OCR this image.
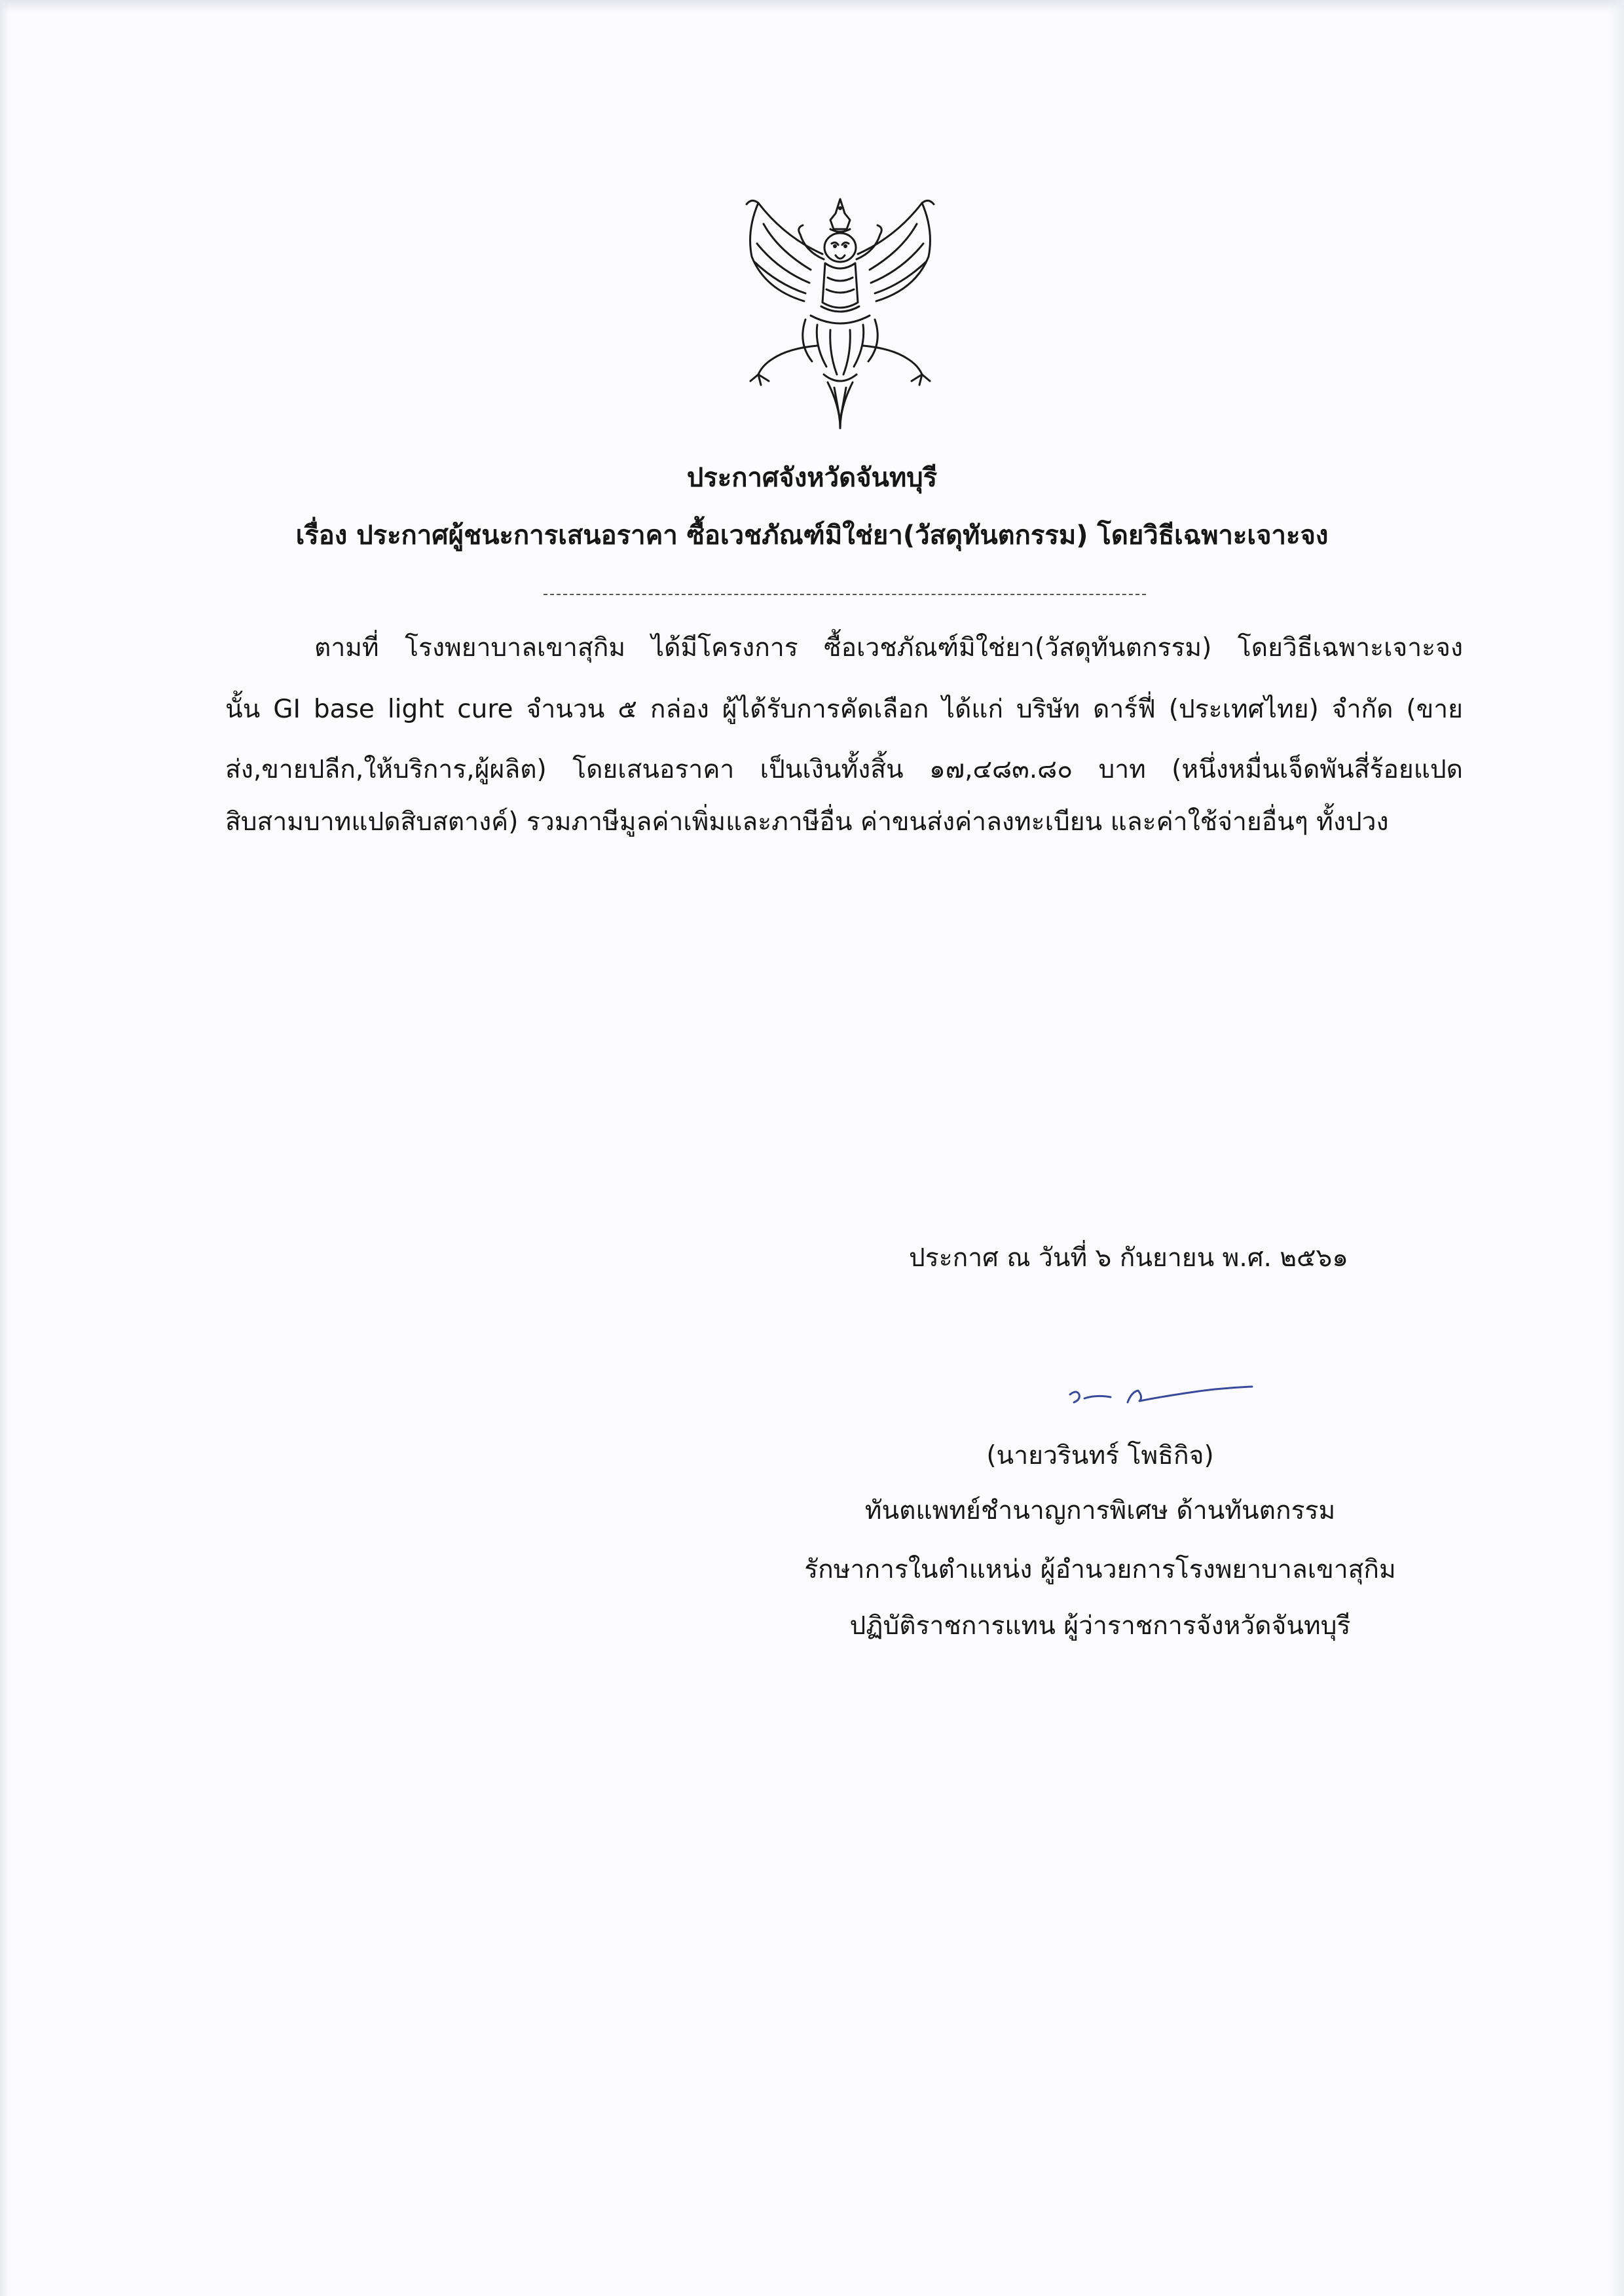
ประกาศจังหวัดจันทบุรี
เรื่อง ประกาศผู้ชนะการเสนอราคา ซื้อเวชภัณฑ์มิใช่ยา(วัสดุทันตกรรม) โดยวิธีเฉพาะเจาะจง
ตามที่ โรงพยาบาลเขาสุกิม ได้มีโครงการ ซื้อเวชภัณฑ์มิใช่ยา(วัสดุทันตกรรม) โดยวิธีเฉพาะเจาะจง
นั้น GI base light cure จำนวน ๕ กล่อง ผู้ได้รับการคัดเลือก ได้แก่ บริษัท ดาร์ฟี่ (ประเทศไทย) จำกัด (ขาย
ส่ง,ขายปลีก,ให้บริการ,ผู้ผลิต) โดยเสนอราคา เป็นเงินทั้งสิ้น ๑๗,๔๘๓.๘๐ บาท (หนึ่งหมื่นเจ็ดพันสี่ร้อยแปด
สิบสามบาทแปดสิบสตางค์) รวมภาษีมูลค่าเพิ่มและภาษีอื่น ค่าขนส่งค่าลงทะเบียน และค่าใช้จ่ายอื่นๆ ทั้งปวง
ประกาศ ณ วันที่ ๖ กันยายน พ.ศ. ๒๕๖๑
(นายวรินทร์ โพธิกิจ)
ทันตแพทย์ชำนาญการพิเศษ ด้านทันตกรรม
รักษาการในตำแหน่ง ผู้อำนวยการโรงพยาบาลเขาสุกิม
ปฏิบัติราชการแทน ผู้ว่าราชการจังหวัดจันทบุรี
